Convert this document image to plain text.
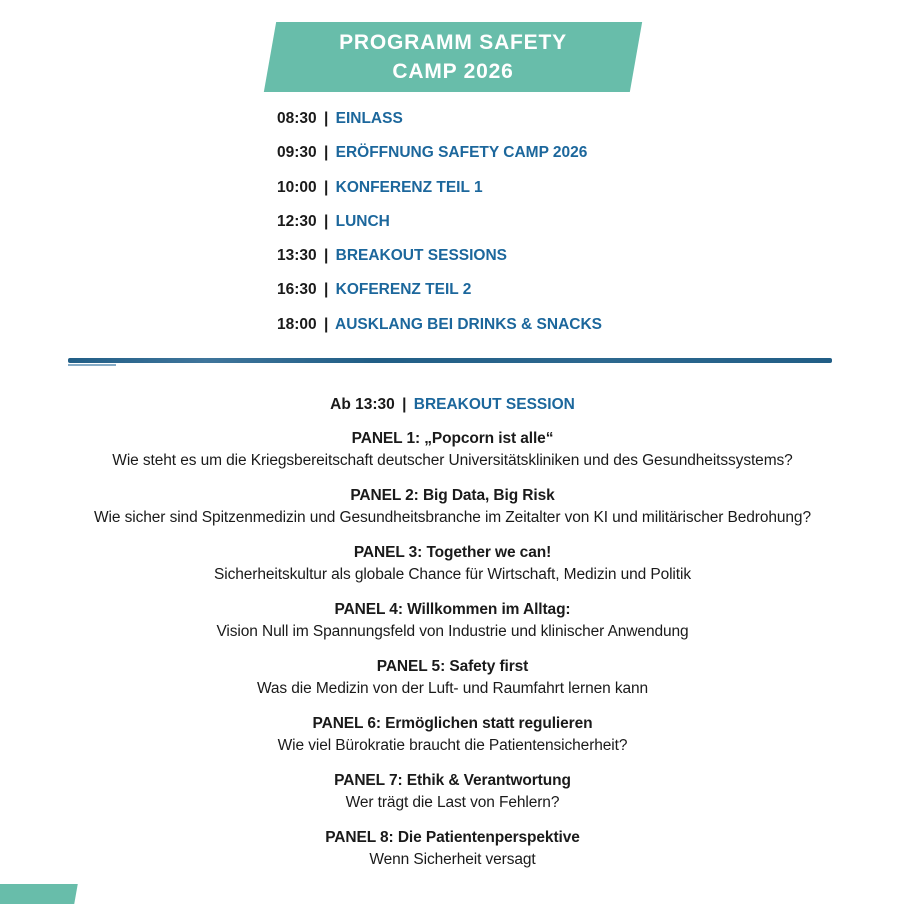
PROGRAMM SAFETY
CAMP 2026
08:30 | EINLASS
09:30 | ERÖFFNUNG SAFETY CAMP 2026
10:00 | KONFERENZ TEIL 1
12:30 | LUNCH
13:30 | BREAKOUT SESSIONS
16:30 | KOFERENZ TEIL 2
18:00 | AUSKLANG BEI DRINKS & SNACKS
Ab 13:30 | BREAKOUT SESSION
PANEL 1: „Popcorn ist alle“
Wie steht es um die Kriegsbereitschaft deutscher Universitätskliniken und des Gesundheitssystems?
PANEL 2: Big Data, Big Risk
Wie sicher sind Spitzenmedizin und Gesundheitsbranche im Zeitalter von KI und militärischer Bedrohung?
PANEL 3: Together we can!
Sicherheitskultur als globale Chance für Wirtschaft, Medizin und Politik
PANEL 4: Willkommen im Alltag:
Vision Null im Spannungsfeld von Industrie und klinischer Anwendung
PANEL 5: Safety first
Was die Medizin von der Luft- und Raumfahrt lernen kann
PANEL 6: Ermöglichen statt regulieren
Wie viel Bürokratie braucht die Patientensicherheit?
PANEL 7: Ethik & Verantwortung
Wer trägt die Last von Fehlern?
PANEL 8: Die Patientenperspektive
Wenn Sicherheit versagt
